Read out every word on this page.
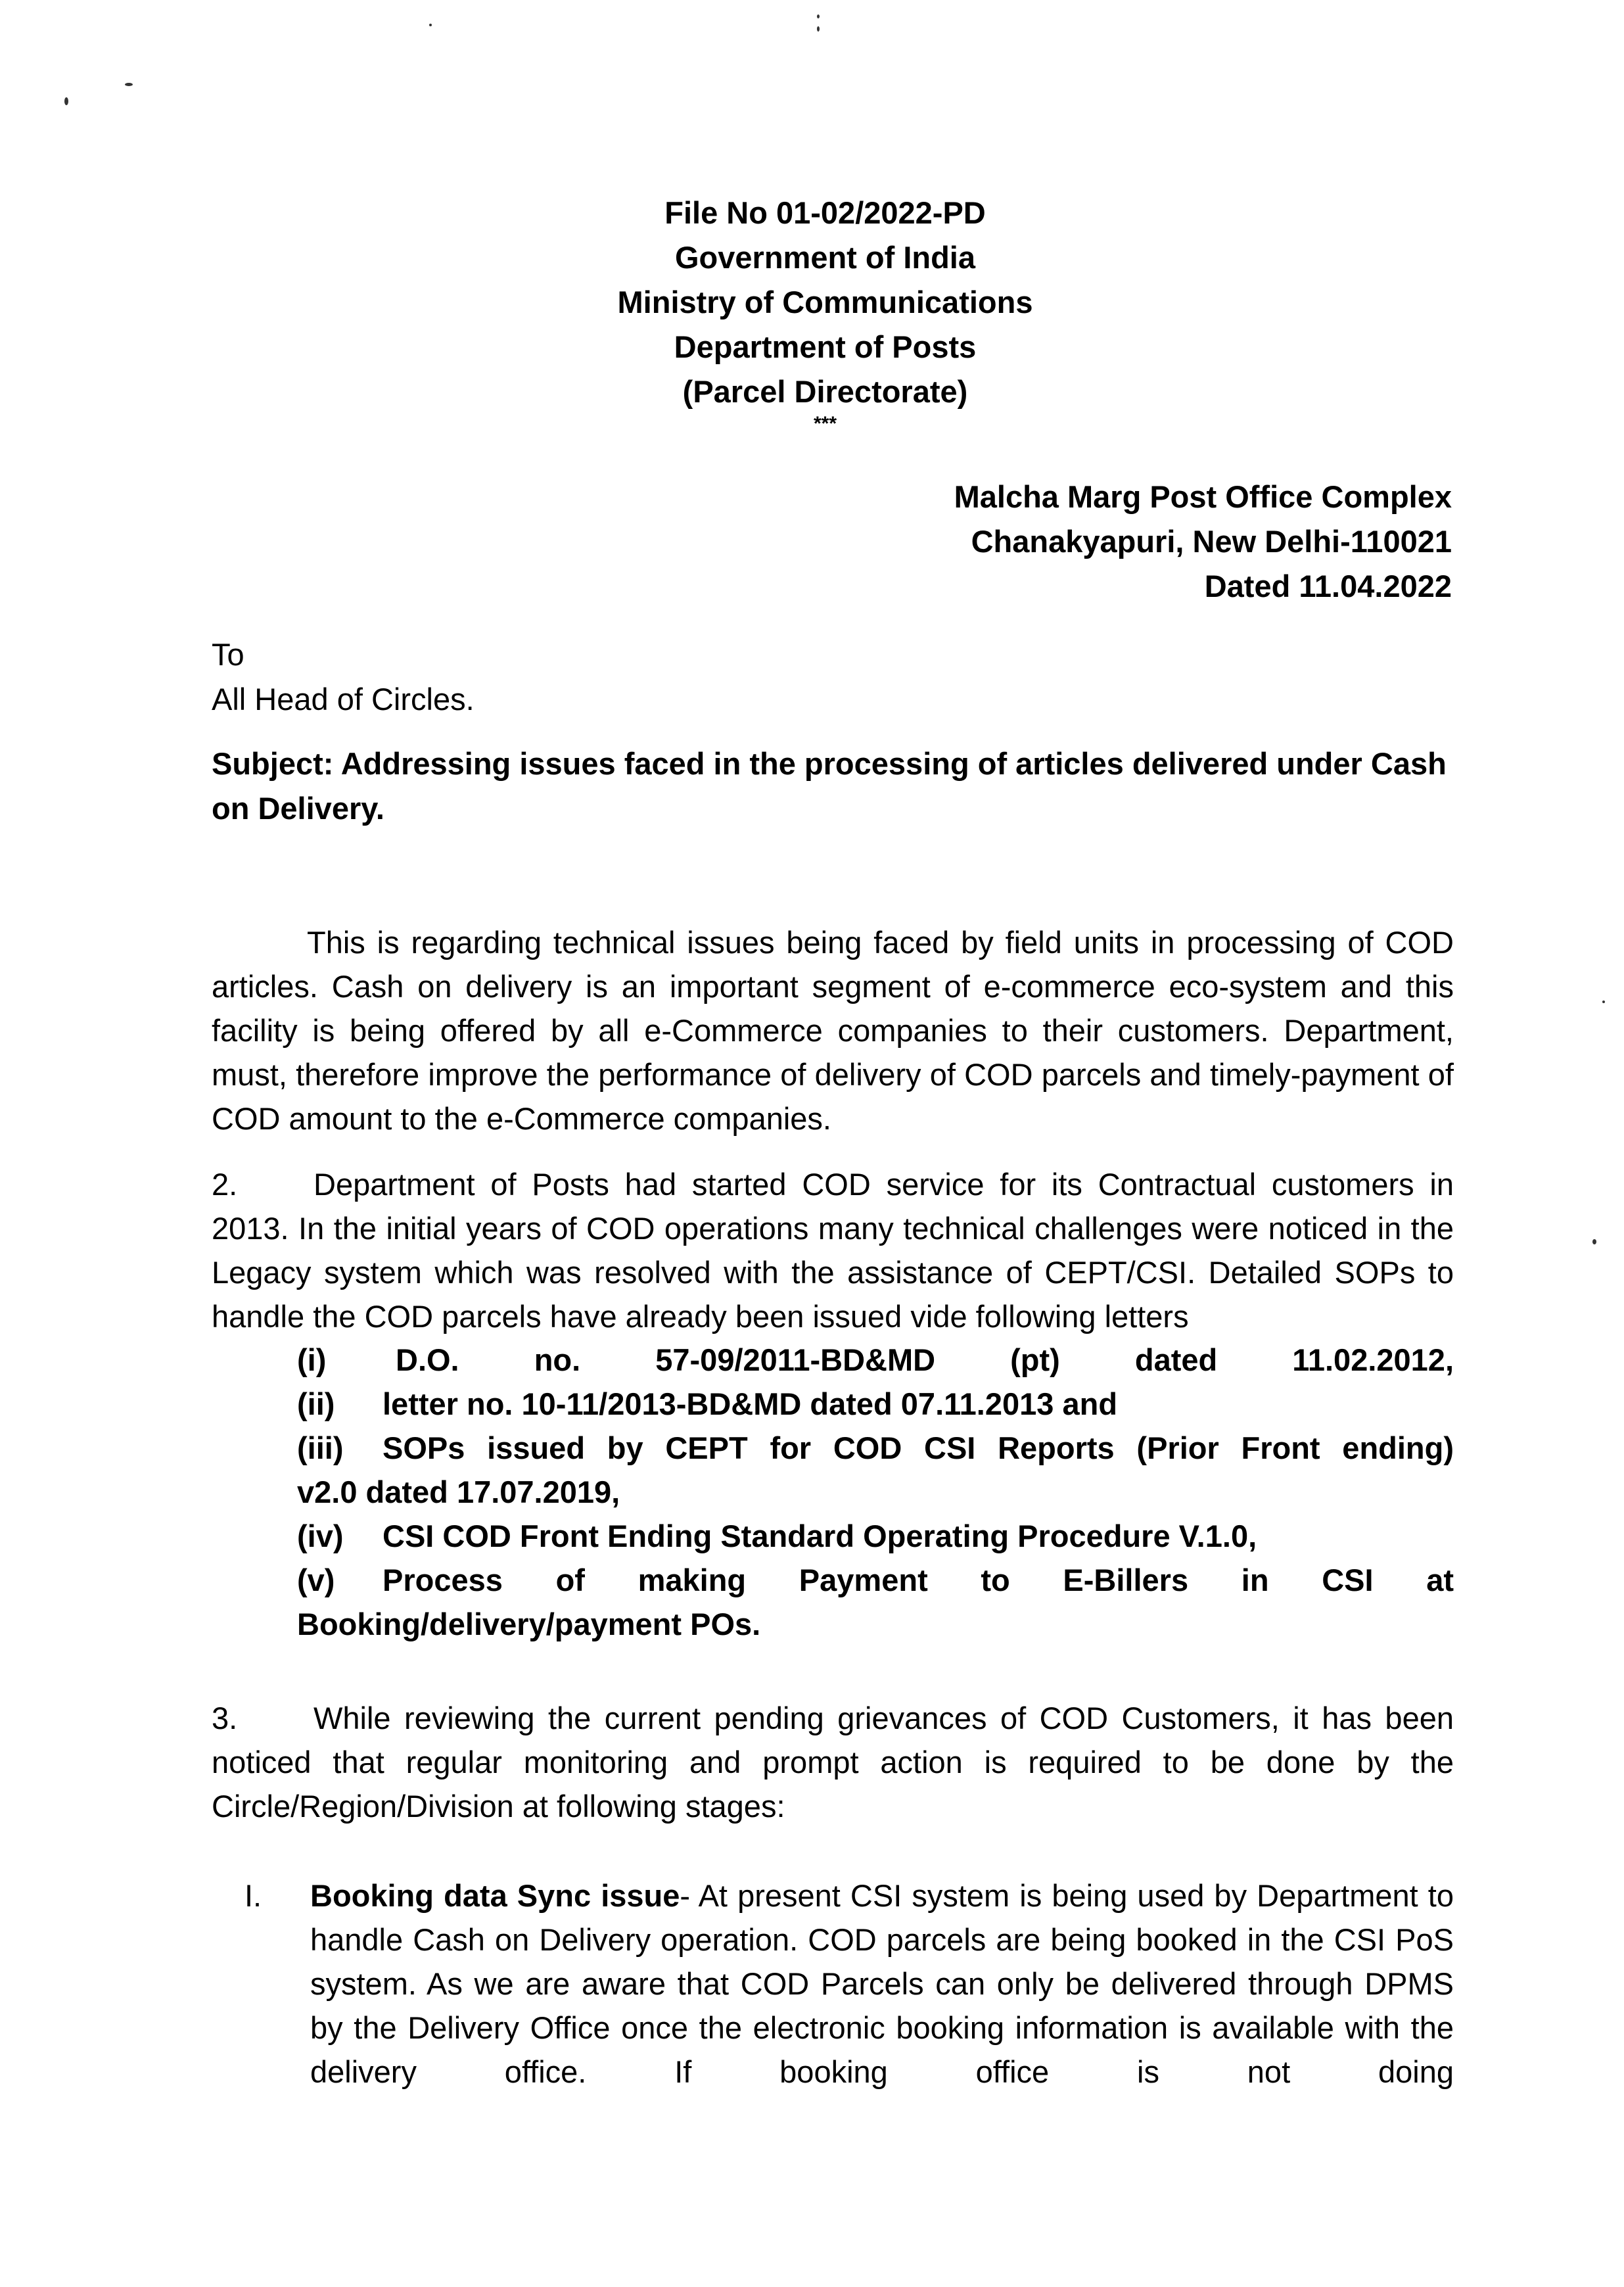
File No 01-02/2022-PD
Government of India
Ministry of Communications
Department of Posts
(Parcel Directorate)
***
Malcha Marg Post Office Complex
Chanakyapuri, New Delhi-110021
Dated 11.04.2022
To
All Head of Circles.
Subject: Addressing issues faced in the processing of articles delivered under Cash on Delivery.
This is regarding technical issues being faced by field units in processing of COD articles. Cash on delivery is an important segment of e-commerce eco-system and this facility is being offered by all e-Commerce companies to their customers. Department, must, therefore improve the performance of delivery of COD parcels and timely-payment of COD amount to the e-Commerce companies.
2. Department of Posts had started COD service for its Contractual customers in 2013. In the initial years of COD operations many technical challenges were noticed in the Legacy system which was resolved with the assistance of CEPT/CSI. Detailed SOPs to handle the COD parcels have already been issued vide following letters
(i) D.O. no. 57-09/2011-BD&MD (pt) dated 11.02.2012,
(ii) letter no. 10-11/2013-BD&MD dated 07.11.2013 and
(iii) SOPs issued by CEPT for COD CSI Reports (Prior Front ending)
v2.0 dated 17.07.2019,
(iv) CSI COD Front Ending Standard Operating Procedure V.1.0,
(v) Process of making Payment to E-Billers in CSI at
Booking/delivery/payment POs.
3. While reviewing the current pending grievances of COD Customers, it has been noticed that regular monitoring and prompt action is required to be done by the Circle/Region/Division at following stages:
I.	Booking data Sync issue- At present CSI system is being used by Department to handle Cash on Delivery operation. COD parcels are being booked in the CSI PoS system. As we are aware that COD Parcels can only be delivered through DPMS by the Delivery Office once the electronic booking information is available with the delivery office. If booking office is not doing
